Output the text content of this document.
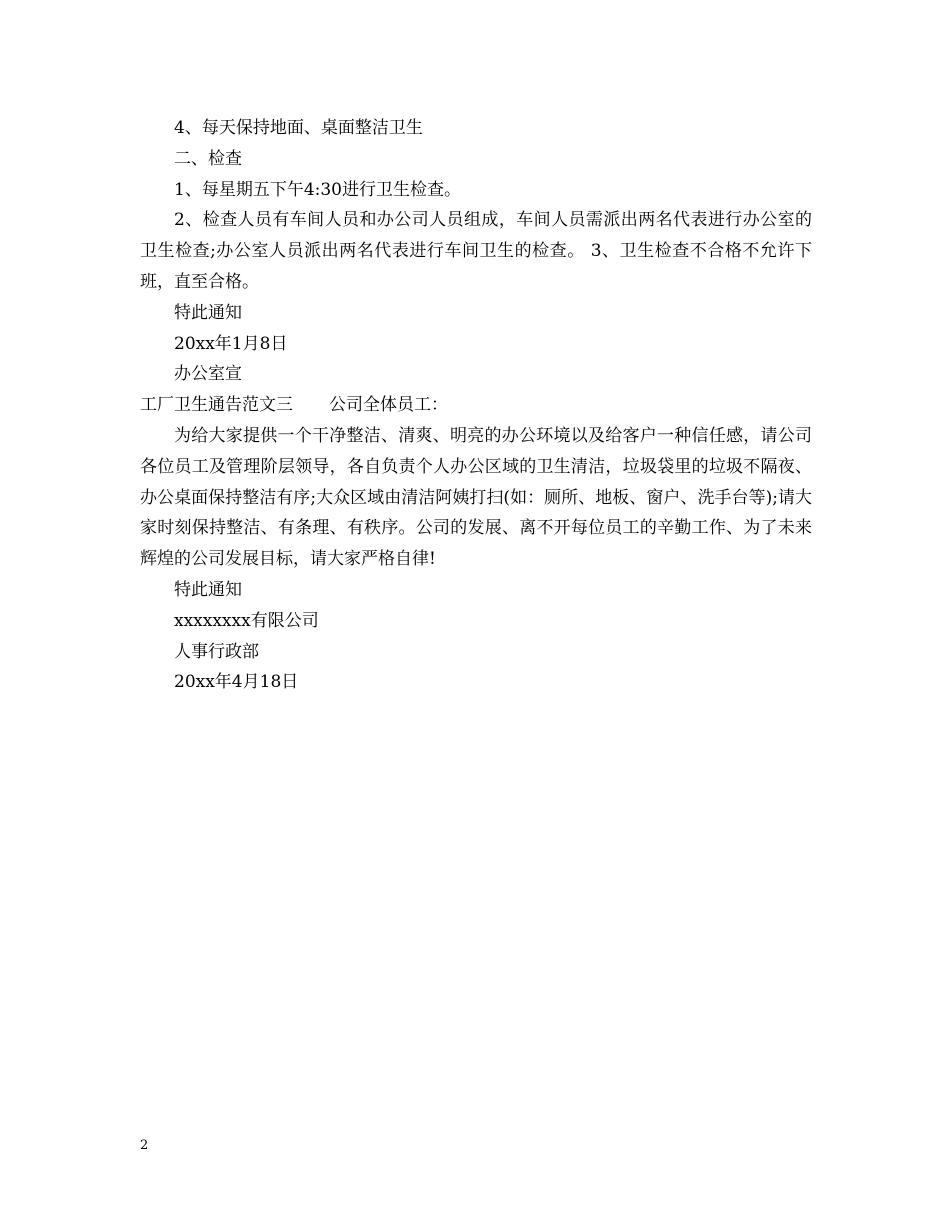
4、每天保持地面、桌面整洁卫生

二、检查

1、每星期五下午4:30进行卫生检查。

2、检查人员有车间人员和办公司人员组成，车间人员需派出两名代表进行办公室的卫生检查;办公室人员派出两名代表进行车间卫生的检查。 3、卫生检查不合格不允许下班，直至合格。

特此通知

20xx年1月8日

办公室宣

工厂卫生通告范文三 公司全体员工：

为给大家提供一个干净整洁、清爽、明亮的办公环境以及给客户一种信任感，请公司各位员工及管理阶层领导，各自负责个人办公区域的卫生清洁，垃圾袋里的垃圾不隔夜、办公桌面保持整洁有序;大众区域由清洁阿姨打扫(如：厕所、地板、窗户、洗手台等);请大家时刻保持整洁、有条理、有秩序。公司的发展、离不开每位员工的辛勤工作、为了未来辉煌的公司发展目标，请大家严格自律!

特此通知

xxxxxxxx有限公司

人事行政部

20xx年4月18日

2
